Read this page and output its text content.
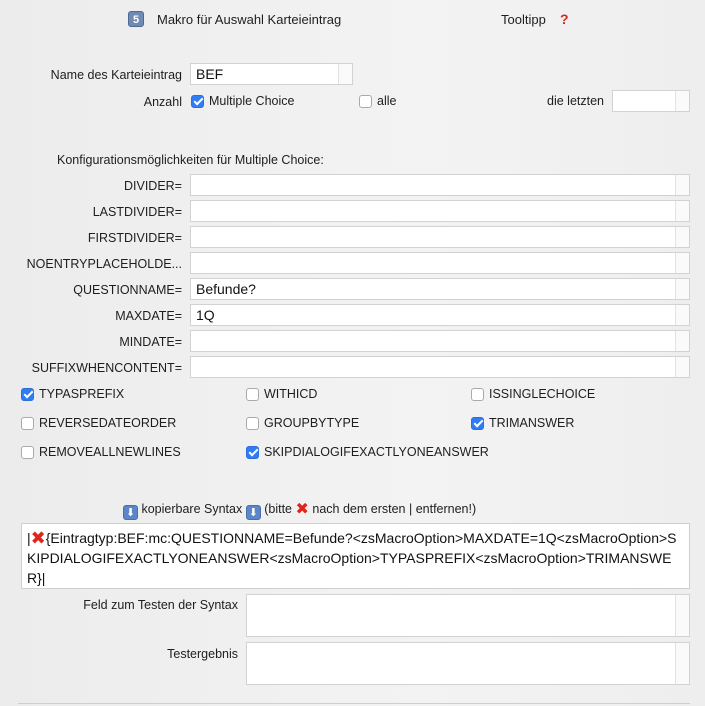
5	Makro für Auswahl Karteieintrag	Tooltipp ?
Name des Karteieintrag	BEF
Anzahl Multiple Choice	alle	die letzten
Konfigurationsmöglichkeiten für Multiple Choice:
DIVIDER=
LASTDIVIDER=
FIRSTDIVIDER=
NOENTRYPLACEHOLDE...
QUESTIONNAME=	Befunde?
MAXDATE=	1Q
MINDATE=
SUFFIXWHENCONTENT=
TYPASPREFIX	WITHICD	ISSINGLECHOICE
REVERSEDATEORDER	GROUPBYTYPE	TRIMANSWER
REMOVEALLNEWLINES	SKIPDIALOGIFEXACTLYONEANSWER
⬇ kopierbare Syntax ⬇ (bitte ✖ nach dem ersten | entfernen!)
|✖{Eintragtyp:BEF:mc:QUESTIONNAME=Befunde?<zsMacroOption>MAXDATE=1Q<zsMacroOption>SKIPDIALOGIFEXACTLYONEANSWER<zsMacroOption>TYPASPREFIX<zsMacroOption>TRIMANSWER}|
Feld zum Testen der Syntax
Testergebnis
